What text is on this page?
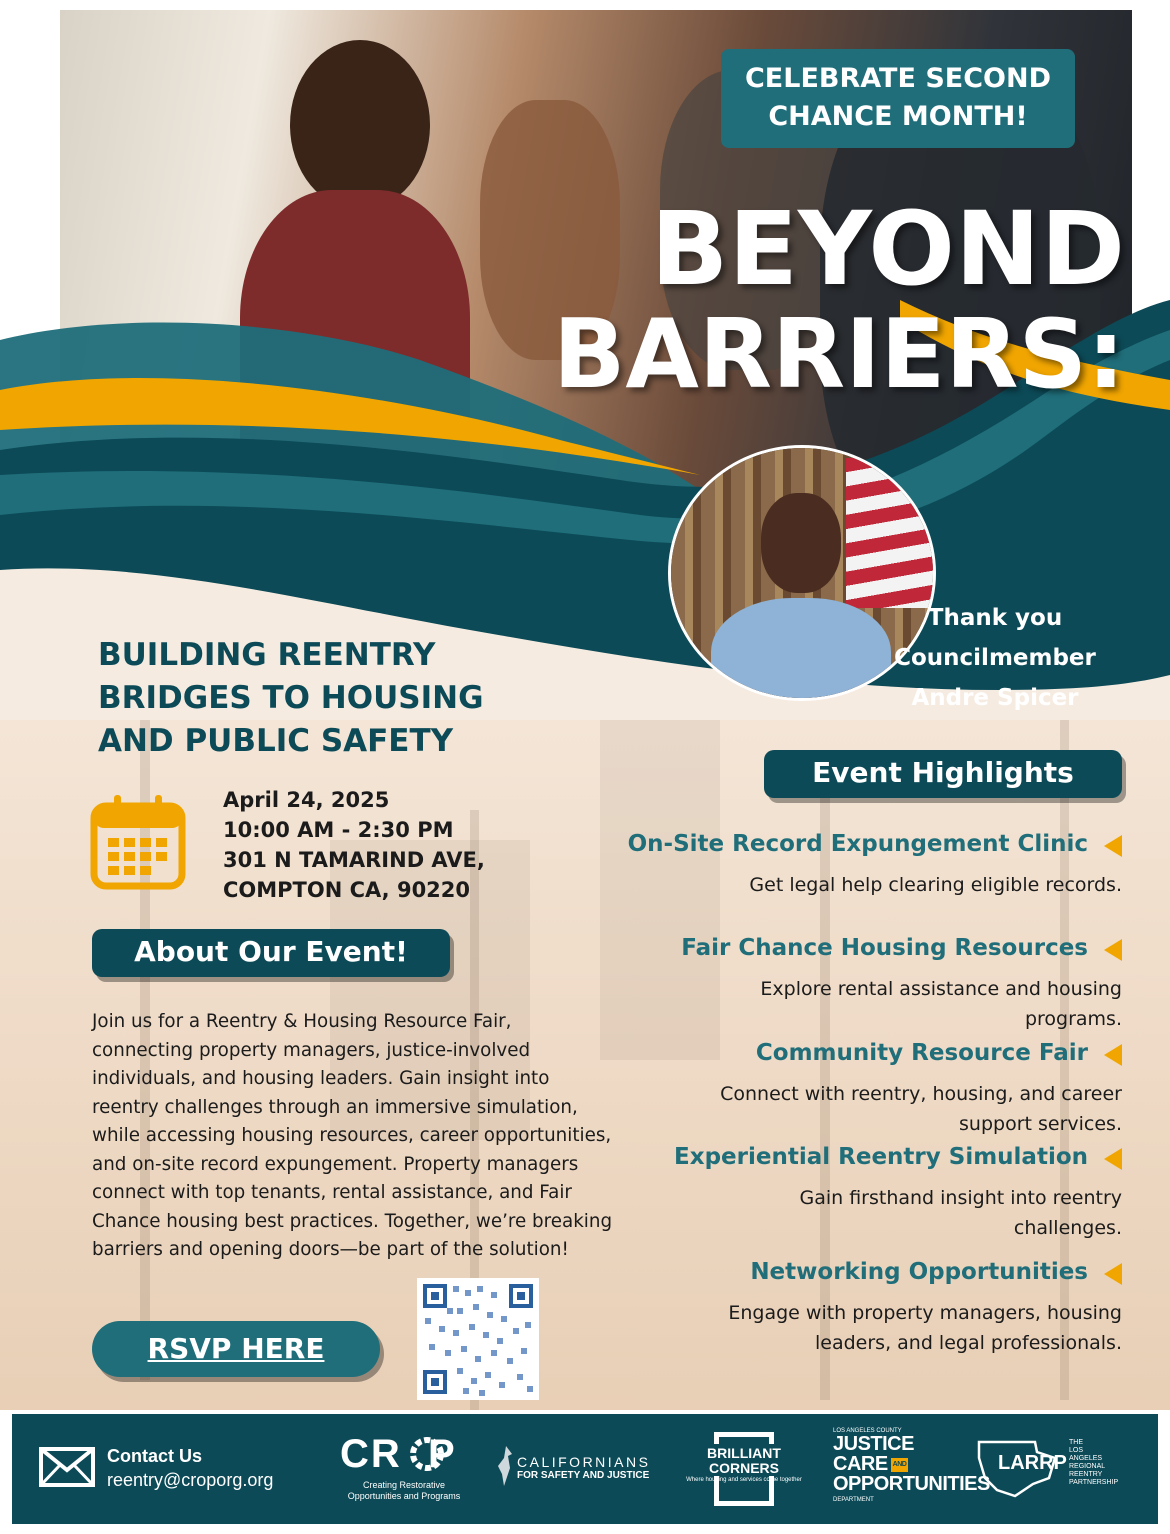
CELEBRATE SECOND
CHANCE MONTH!
BEYOND
BARRIERS:
Thank you
Councilmember
Andre Spicer
BUILDING REENTRY
BRIDGES TO HOUSING
AND PUBLIC SAFETY
April 24, 2025
10:00 AM - 2:30 PM
301 N TAMARIND AVE,
COMPTON CA, 90220
About Our Event!
Join us for a Reentry & Housing Resource Fair, connecting property managers, justice-involved individuals, and housing leaders. Gain insight into reentry challenges through an immersive simulation, while accessing housing resources, career opportunities, and on-site record expungement. Property managers connect with top tenants, rental assistance, and Fair Chance housing best practices. Together, we’re breaking barriers and opening doors—be part of the solution!
RSVP HERE
Event Highlights
On-Site Record Expungement Clinic
Get legal help clearing eligible records.
Fair Chance Housing Resources
Explore rental assistance and housing programs.
Community Resource Fair
Connect with reentry, housing, and career support services.
Experiential Reentry Simulation
Gain firsthand insight into reentry challenges.
Networking Opportunities
Engage with property managers, housing leaders, and legal professionals.
Contact Us
reentry@croporg.org
CR  P
Creating Restorative
Opportunities and Programs
CALIFORNIANS
FOR SAFETY AND JUSTICE
BRILLIANT
CORNERS
Where housing and services come together
LOS ANGELES COUNTY
JUSTICE
CARE AND
OPPORTUNITIES
DEPARTMENT
LARRP
THE
LOS
ANGELES
REGIONAL
REENTRY
PARTNERSHIP
